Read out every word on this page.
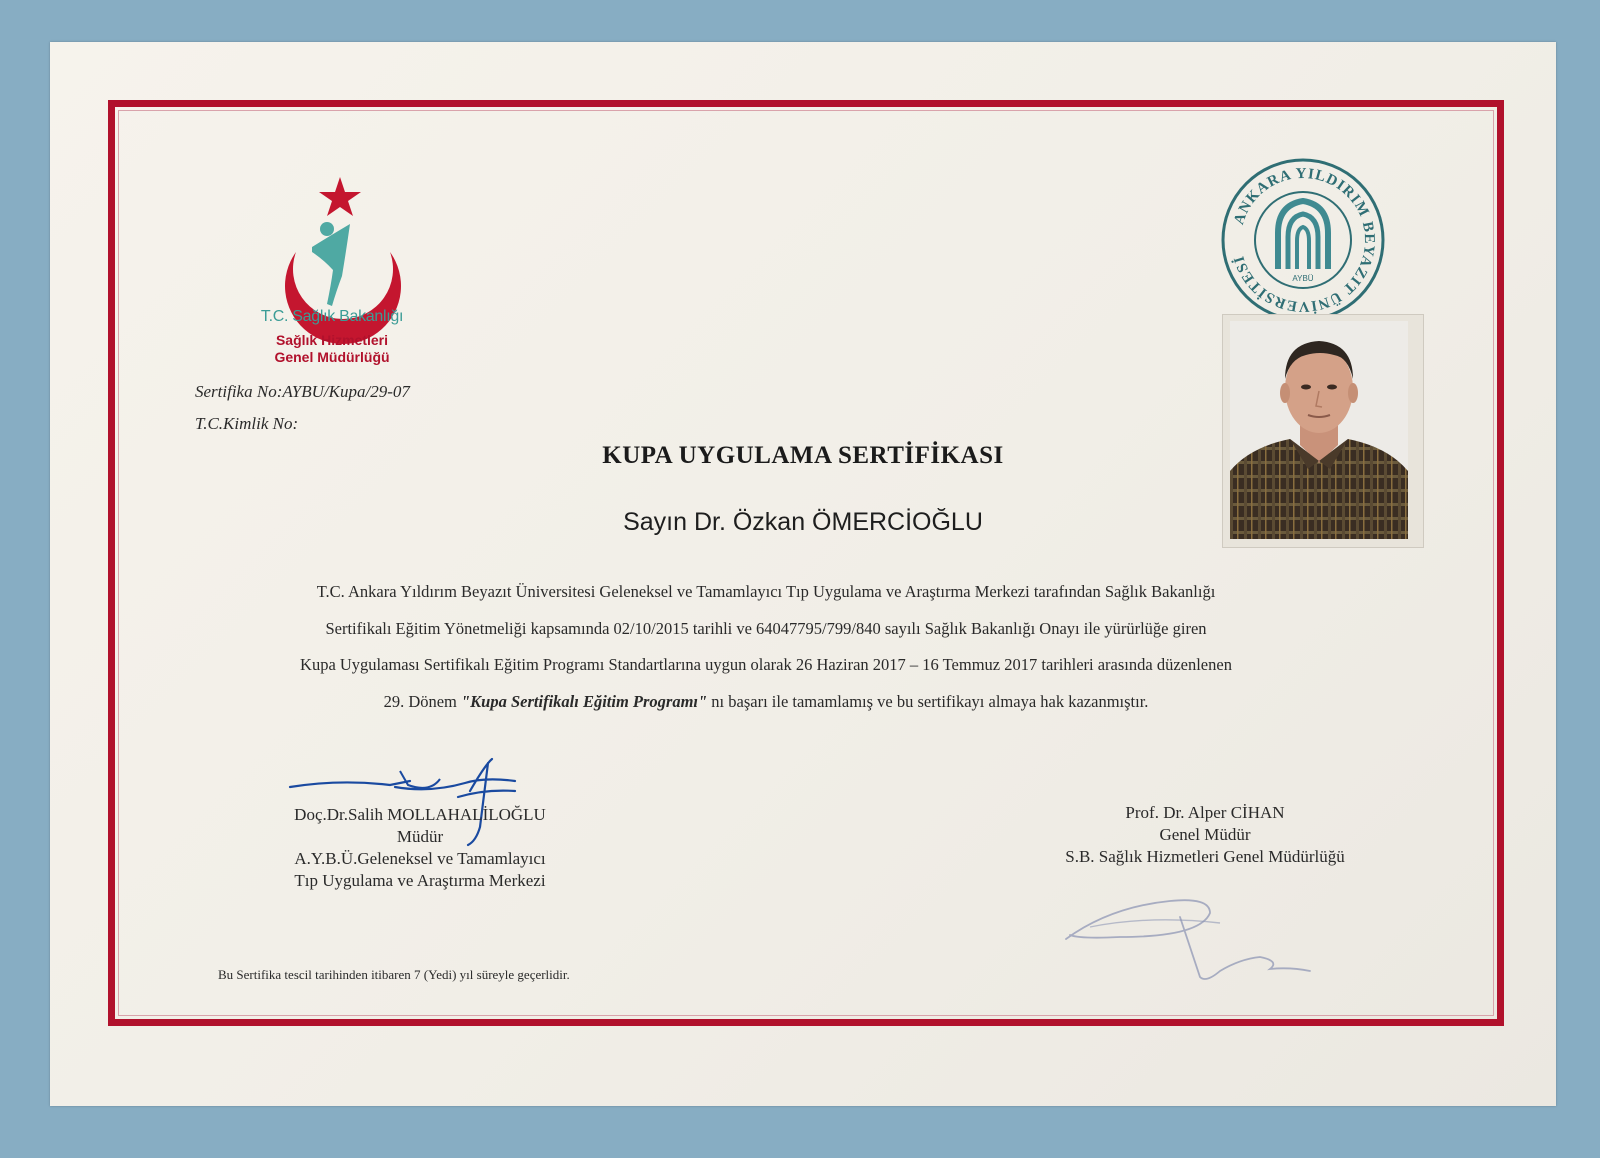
T.C. Sağlık Bakanlığı
Sağlık Hizmetleri
Genel Müdürlüğü
Sertifika No:AYBU/Kupa/29-07
T.C.Kimlik No:
KUPA UYGULAMA SERTİFİKASI
Sayın Dr. Özkan ÖMERCİOĞLU
T.C. Ankara Yıldırım Beyazıt Üniversitesi Geleneksel ve Tamamlayıcı Tıp Uygulama ve Araştırma Merkezi tarafından Sağlık Bakanlığı
Sertifikalı Eğitim Yönetmeliği kapsamında 02/10/2015 tarihli ve 64047795/799/840 sayılı Sağlık Bakanlığı Onayı ile yürürlüğe giren
Kupa Uygulaması Sertifikalı Eğitim Programı Standartlarına uygun olarak 26 Haziran 2017 – 16 Temmuz 2017 tarihleri arasında düzenlenen
29. Dönem "Kupa Sertifikalı Eğitim Programı" nı başarı ile tamamlamış ve bu sertifikayı almaya hak kazanmıştır.
ANKARA YILDIRIM BEYAZIT ÜNİVERSİTESİ
AYBÜ
Doç.Dr.Salih MOLLAHALİLOĞLU
Müdür
A.Y.B.Ü.Geleneksel ve Tamamlayıcı
Tıp Uygulama ve Araştırma Merkezi
Prof. Dr. Alper CİHAN
Genel Müdür
S.B. Sağlık Hizmetleri Genel Müdürlüğü
Bu Sertifika tescil tarihinden itibaren 7 (Yedi) yıl süreyle geçerlidir.
